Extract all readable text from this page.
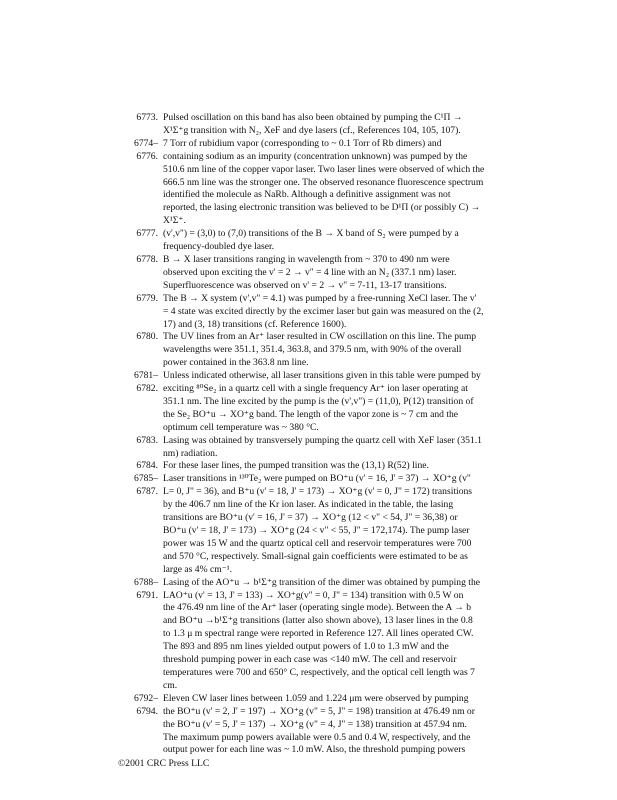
6773. Pulsed oscillation on this band has also been obtained by pumping the C¹Π →
X¹Σ⁺g transition with N₂, XeF and dye lasers (cf., References 104, 105, 107).
6774–
6776.
7 Torr of rubidium vapor (corresponding to ~ 0.1 Torr of Rb dimers) and
containing sodium as an impurity (concentration unknown) was pumped by the
510.6 nm line of the copper vapor laser. Two laser lines were observed of which the
666.5 nm line was the stronger one. The observed resonance fluorescence spectrum
identified the molecule as NaRb. Although a definitive assignment was not
reported, the lasing electronic transition was believed to be D¹Π (or possibly C) →
X¹Σ⁺.
6777. (v',v") = (3,0) to (7,0) transitions of the B → X band of S₂ were pumped by a
frequency-doubled dye laser.
6778. B → X laser transitions ranging in wavelength from ~ 370 to 490 nm were
observed upon exciting the v' = 2 → v" = 4 line with an N₂ (337.1 nm) laser.
Superfluorescence was observed on v' = 2 → v" = 7-11, 13-17 transitions.
6779. The B → X system (v',v" = 4.1) was pumped by a free-running XeCl laser. The v'
= 4 state was excited directly by the excimer laser but gain was measured on the (2,
17) and (3, 18) transitions (cf. Reference 1600).
6780. The UV lines from an Ar⁺ laser resulted in CW oscillation on this line. The pump
wavelengths were 351.1, 351.4, 363.8, and 379.5 nm, with 90% of the overall
power contained in the 363.8 nm line.
6781–
6782.
Unless indicated otherwise, all laser transitions given in this table were pumped by
exciting ⁸⁰Se₂ in a quartz cell with a single frequency Ar⁺ ion laser operating at
351.1 nm. The line excited by the pump is the (v',v") = (11,0), P(12) transition of
the Se₂ BO⁺u → XO⁺g band. The length of the vapor zone is ~ 7 cm and the
optimum cell temperature was ~ 380 °C.
6783. Lasing was obtained by transversely pumping the quartz cell with XeF laser (351.1
nm) radiation.
6784. For these laser lines, the pumped transition was the (13,1) R(52) line.
6785–
6787.
Laser transitions in ¹³⁰Te₂ were pumped on BO⁺u (v' = 16, J' = 37) → XO⁺g (v"
L= 0, J" = 36), and B⁺u (v' = 18, J' = 173) → XO⁺g (v' = 0, J" = 172) transitions
by the 406.7 nm line of the Kr ion laser. As indicated in the table, the lasing
transitions are BO⁺u (v' = 16, J' = 37) → XO⁺g (12 < v" < 54, J" = 36,38) or
BO⁺u (v' = 18, J' = 173) → XO⁺g (24 < v" < 55, J" = 172,174). The pump laser
power was 15 W and the quartz optical cell and reservoir temperatures were 700
and 570 °C, respectively. Small-signal gain coefficients were estimated to be as
large as 4% cm⁻¹.
6788–
6791.
Lasing of the AO⁺u → b¹Σ⁺g transition of the dimer was obtained by pumping the
LAO⁺u (v' = 13, J' = 133) → XO⁺g(v" = 0, J" = 134) transition with 0.5 W on
the 476.49 nm line of the Ar⁺ laser (operating single mode). Between the A → b
and BO⁺u →b¹Σ⁺g transitions (latter also shown above), 13 laser lines in the 0.8
to 1.3 μ m spectral range were reported in Reference 127. All lines operated CW.
The 893 and 895 nm lines yielded output powers of 1.0 to 1.3 mW and the
threshold pumping power in each case was <140 mW. The cell and reservoir
temperatures were 700 and 650° C, respectively, and the optical cell length was 7
cm.
6792–
6794.
Eleven CW laser lines between 1.059 and 1.224 μm were observed by pumping
the BO⁺u (v' = 2, J' = 197) → XO⁺g (v" = 5, J" = 198) transition at 476.49 nm or
the BO⁺u (v' = 5, J' = 137) → XO⁺g (v" = 4, J" = 138) transition at 457.94 nm.
The maximum pump powers available were 0.5 and 0.4 W, respectively, and the
output power for each line was ~ 1.0 mW. Also, the threshold pumping powers
©2001 CRC Press LLC
